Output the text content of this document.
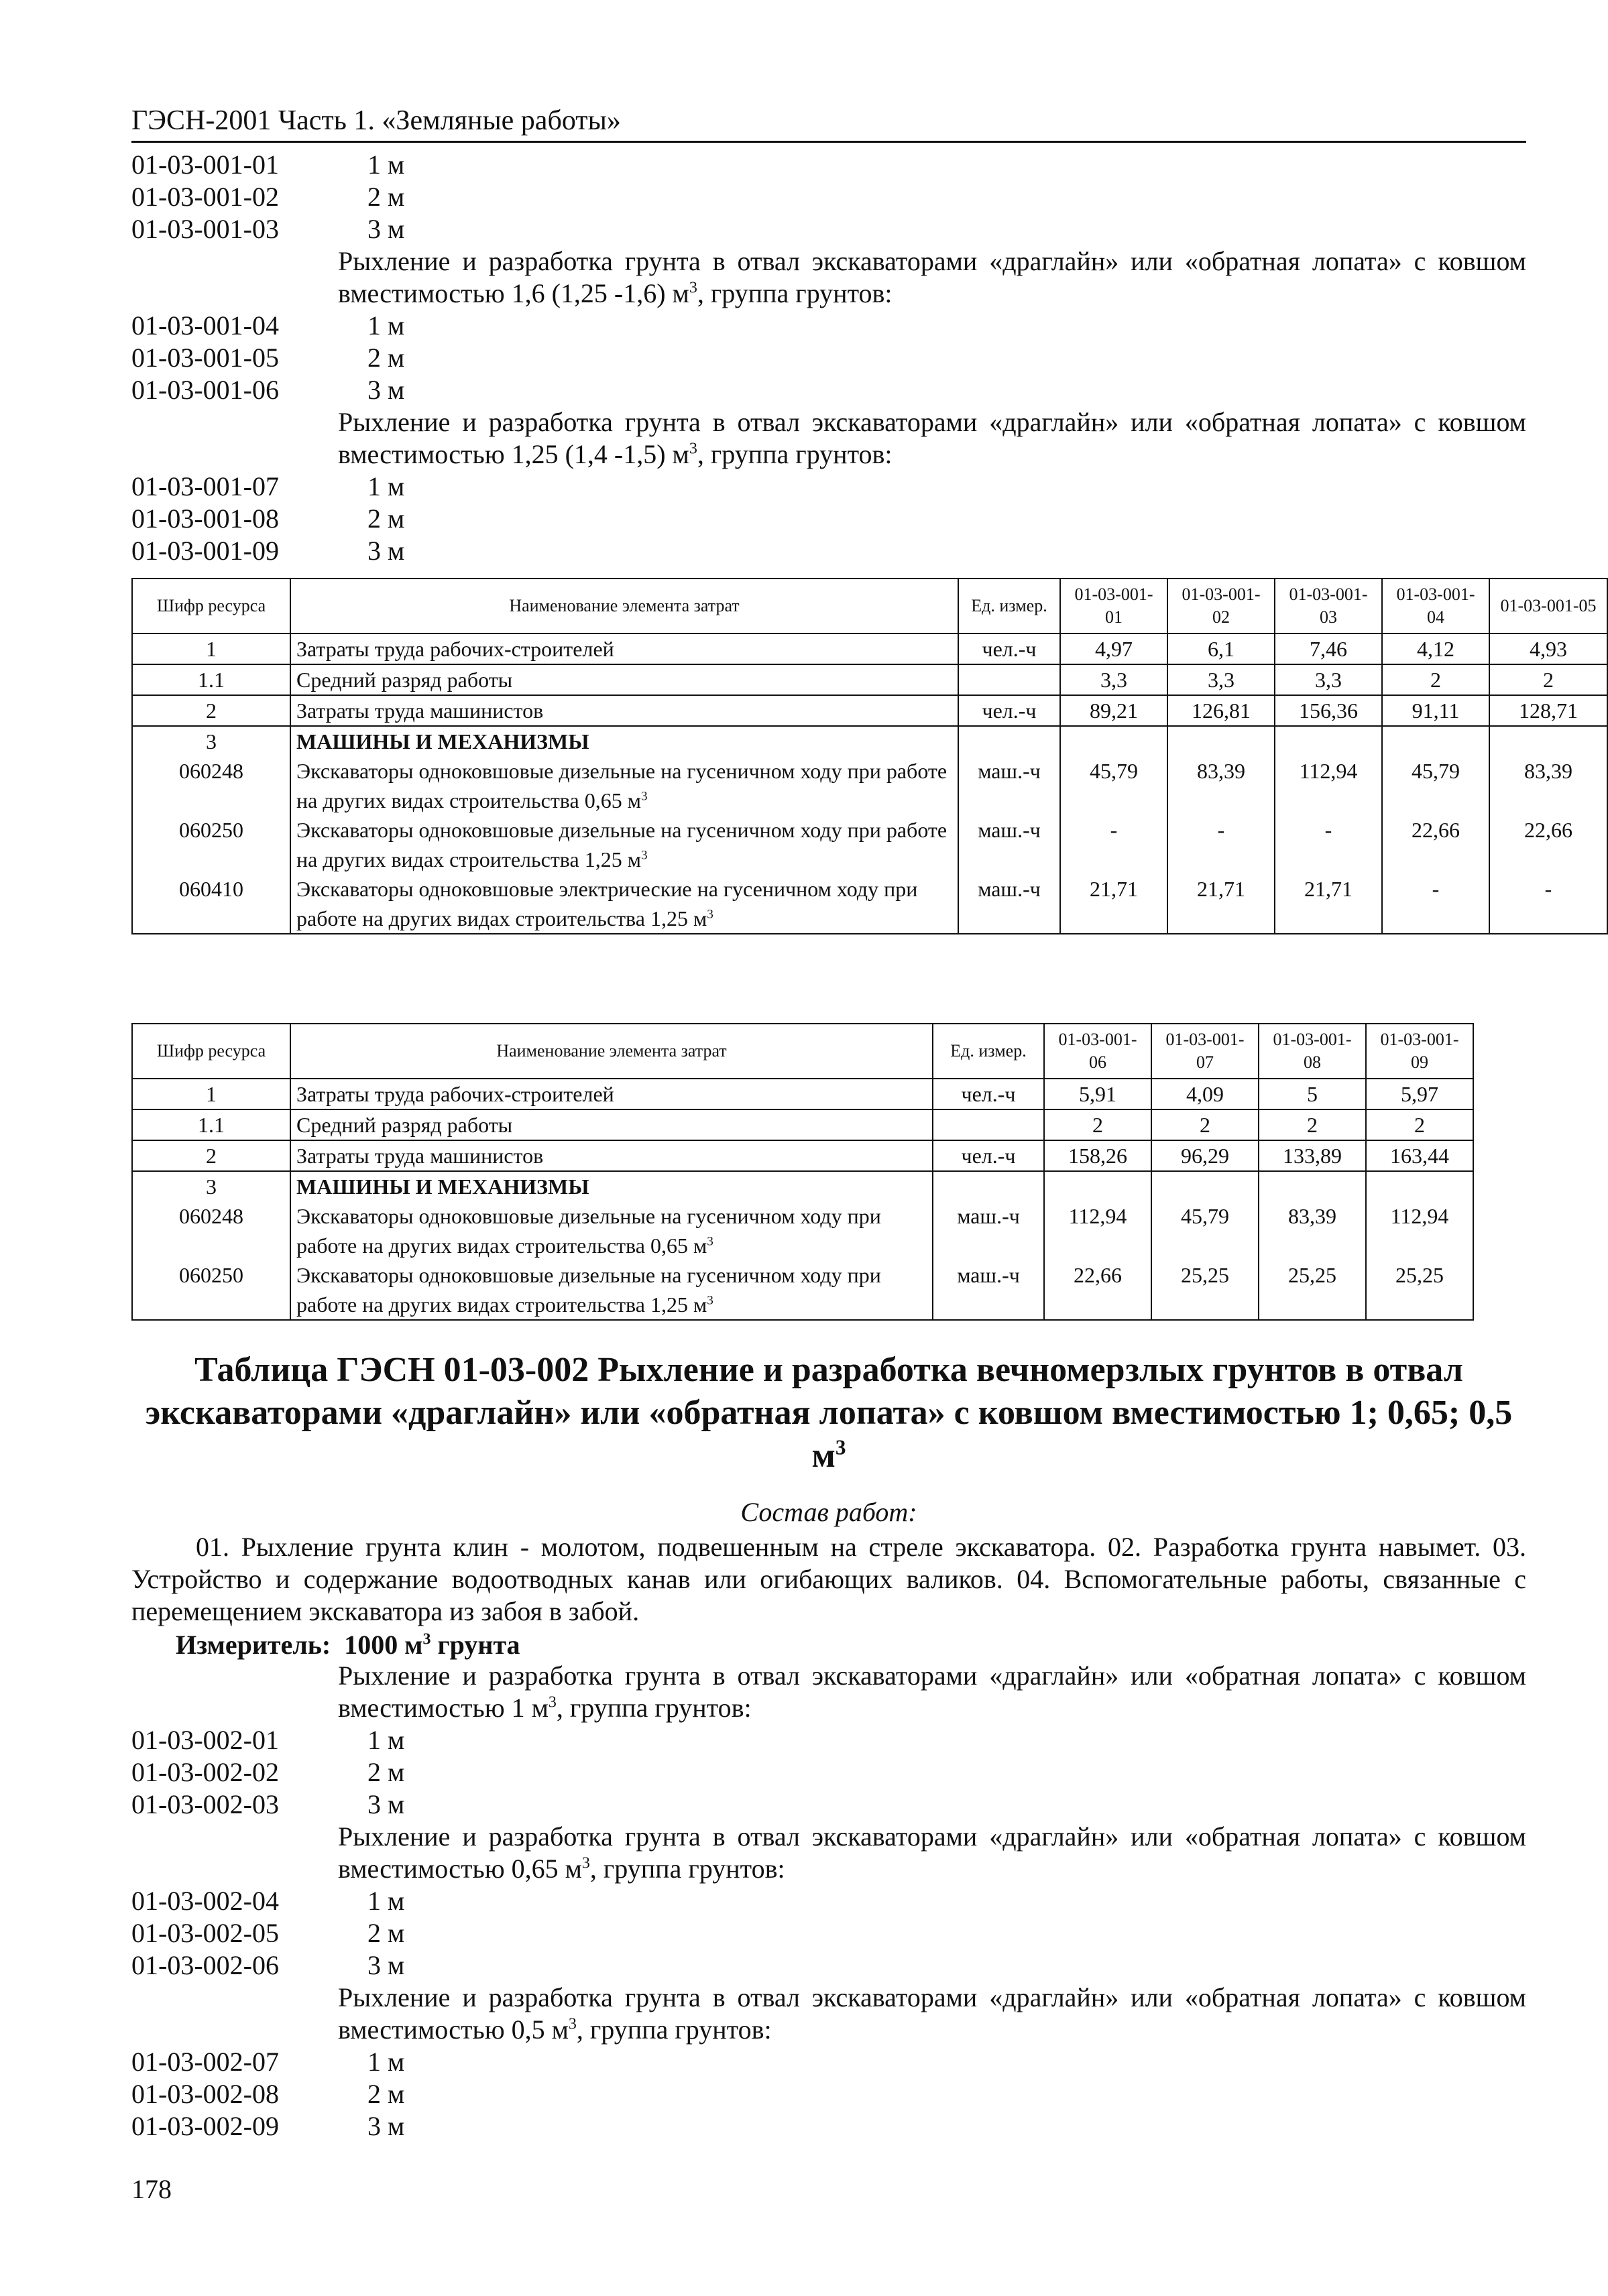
ГЭСН-2001 Часть 1. «Земляные работы»
01-03-001-01	1 м
01-03-001-02	2 м
01-03-001-03	3 м
Рыхление и разработка грунта в отвал экскаваторами «драглайн» или «обратная лопата» с ковшом вместимостью 1,6 (1,25 -1,6) $м^3$, группа грунтов:
01-03-001-04	1 м
01-03-001-05	2 м
01-03-001-06	3 м
Рыхление и разработка грунта в отвал экскаваторами «драглайн» или «обратная лопата» с ковшом вместимостью 1,25 (1,4 -1,5) $м^3$, группа грунтов:
01-03-001-07	1 м
01-03-001-08	2 м
01-03-001-09	3 м
Шифр ресурса	Наименование элемента затрат	Ед. измер.	01-03-001-01	01-03-001-02	01-03-001-03	01-03-001-04	01-03-001-05
1	Затраты труда рабочих-строителей	чел.-ч	4,97	6,1	7,46	4,12	4,93
1.1	Средний разряд работы		3,3	3,3	3,3	2	2
2	Затраты труда машинистов	чел.-ч	89,21	126,81	156,36	91,11	128,71
3	МАШИНЫ И МЕХАНИЗМЫ						
060248	Экскаваторы одноковшовые дизельные на гусеничном ходу при работе на других видах строительства 0,65 $м^3$	маш.-ч	45,79	83,39	112,94	45,79	83,39
060250	Экскаваторы одноковшовые дизельные на гусеничном ходу при работе на других видах строительства 1,25 $м^3$	маш.-ч	-	-	-	22,66	22,66
060410	Экскаваторы одноковшовые электрические на гусеничном ходу при работе на других видах строительства 1,25 $м^3$	маш.-ч	21,71	21,71	21,71	-	-
Шифр ресурса	Наименование элемента затрат	Ед. измер.	01-03-001-06	01-03-001-07	01-03-001-08	01-03-001-09
1	Затраты труда рабочих-строителей	чел.-ч	5,91	4,09	5	5,97
1.1	Средний разряд работы		2	2	2	2
2	Затраты труда машинистов	чел.-ч	158,26	96,29	133,89	163,44
3	МАШИНЫ И МЕХАНИЗМЫ					
060248	Экскаваторы одноковшовые дизельные на гусеничном ходу при работе на других видах строительства 0,65 $м^3$	маш.-ч	112,94	45,79	83,39	112,94
060250	Экскаваторы одноковшовые дизельные на гусеничном ходу при работе на других видах строительства 1,25 $м^3$	маш.-ч	22,66	25,25	25,25	25,25
Таблица ГЭСН 01-03-002 Рыхление и разработка вечномерзлых грунтов в отвал экскаваторами «драглайн» или «обратная лопата» с ковшом вместимостью 1; 0,65; 0,5 $м^3$
Состав работ:
01. Рыхление грунта клин - молотом, подвешенным на стреле экскаватора. 02. Разработка грунта навымет. 03. Устройство и содержание водоотводных канав или огибающих валиков. 04. Вспомогательные работы, связанные с перемещением экскаватора из забоя в забой.
Измеритель: 1000 $м^3$ грунта
Рыхление и разработка грунта в отвал экскаваторами «драглайн» или «обратная лопата» с ковшом вместимостью 1 $м^3$, группа грунтов:
01-03-002-01	1 м
01-03-002-02	2 м
01-03-002-03	3 м
Рыхление и разработка грунта в отвал экскаваторами «драглайн» или «обратная лопата» с ковшом вместимостью 0,65 $м^3$, группа грунтов:
01-03-002-04	1 м
01-03-002-05	2 м
01-03-002-06	3 м
Рыхление и разработка грунта в отвал экскаваторами «драглайн» или «обратная лопата» с ковшом вместимостью 0,5 $м^3$, группа грунтов:
01-03-002-07	1 м
01-03-002-08	2 м
01-03-002-09	3 м
178
